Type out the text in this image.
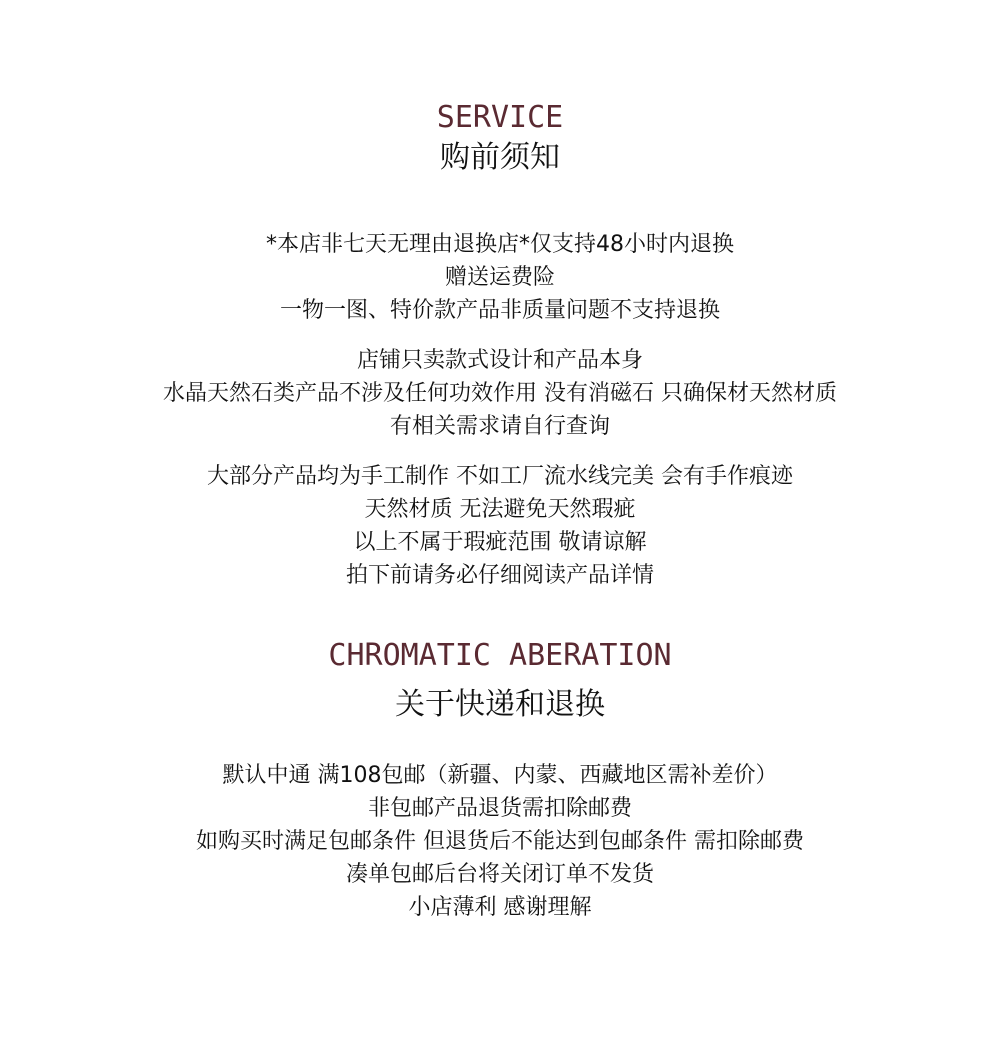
SERVICE
购前须知
*本店非七天无理由退换店*仅支持48小时内退换
赠送运费险
一物一图、特价款产品非质量问题不支持退换
店铺只卖款式设计和产品本身
水晶天然石类产品不涉及任何功效作用 没有消磁石 只确保材天然材质
有相关需求请自行查询
大部分产品均为手工制作 不如工厂流水线完美 会有手作痕迹
天然材质 无法避免天然瑕疵
以上不属于瑕疵范围 敬请谅解
拍下前请务必仔细阅读产品详情
CHROMATIC ABERATION
关于快递和退换
默认中通 满108包邮（新疆、内蒙、西藏地区需补差价）
非包邮产品退货需扣除邮费
如购买时满足包邮条件 但退货后不能达到包邮条件 需扣除邮费
凑单包邮后台将关闭订单不发货
小店薄利 感谢理解
